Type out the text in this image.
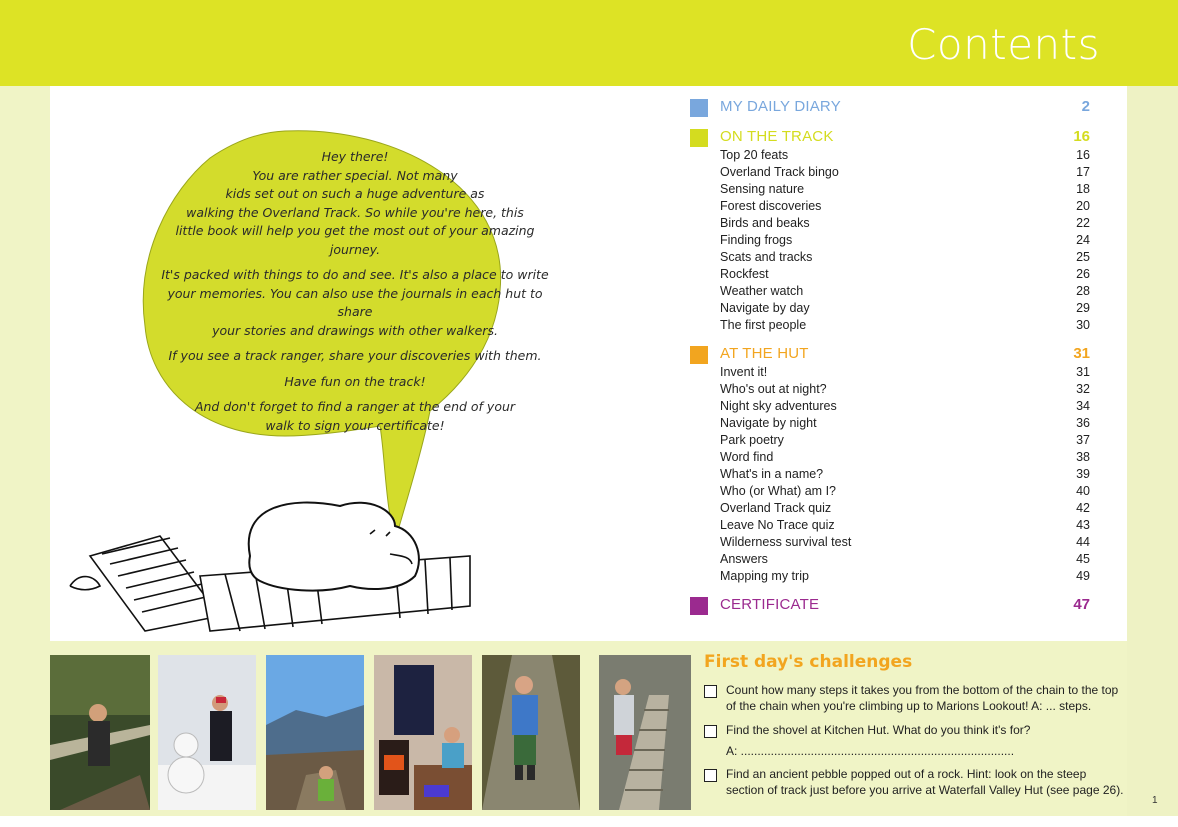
Contents

Hey there!
You are rather special. Not many
kids set out on such a huge adventure as
walking the Overland Track. So while you're here, this
little book will help you get the most out of your amazing
journey.

It's packed with things to do and see. It's also a place to write
your memories. You can also use the journals in each hut to share
your stories and drawings with other walkers.

If you see a track ranger, share your discoveries with them.

Have fun on the track!

And don't forget to find a ranger at the end of your
walk to sign your certificate!

MY DAILY DIARY	2
ON THE TRACK	16
Top 20 feats	16
Overland Track bingo	17
Sensing nature	18
Forest discoveries	20
Birds and beaks	22
Finding frogs	24
Scats and tracks	25
Rockfest	26
Weather watch	28
Navigate by day	29
The first people	30
AT THE HUT	31
Invent it!	31
Who's out at night?	32
Night sky adventures	34
Navigate by night	36
Park poetry	37
Word find	38
What's in a name?	39
Who (or What) am I?	40
Overland Track quiz	42
Leave No Trace quiz	43
Wilderness survival test	44
Answers	45
Mapping my trip	49
CERTIFICATE	47
First day's challenges
Count how many steps it takes you from the bottom of the chain to the top of the chain when you're climbing up to Marions Lookout! A: ... steps.
Find the shovel at Kitchen Hut. What do you think it's for?
A: ..................................................................................
Find an ancient pebble popped out of a rock. Hint: look on the steep section of track just before you arrive at Waterfall Valley Hut (see page 26).
1
